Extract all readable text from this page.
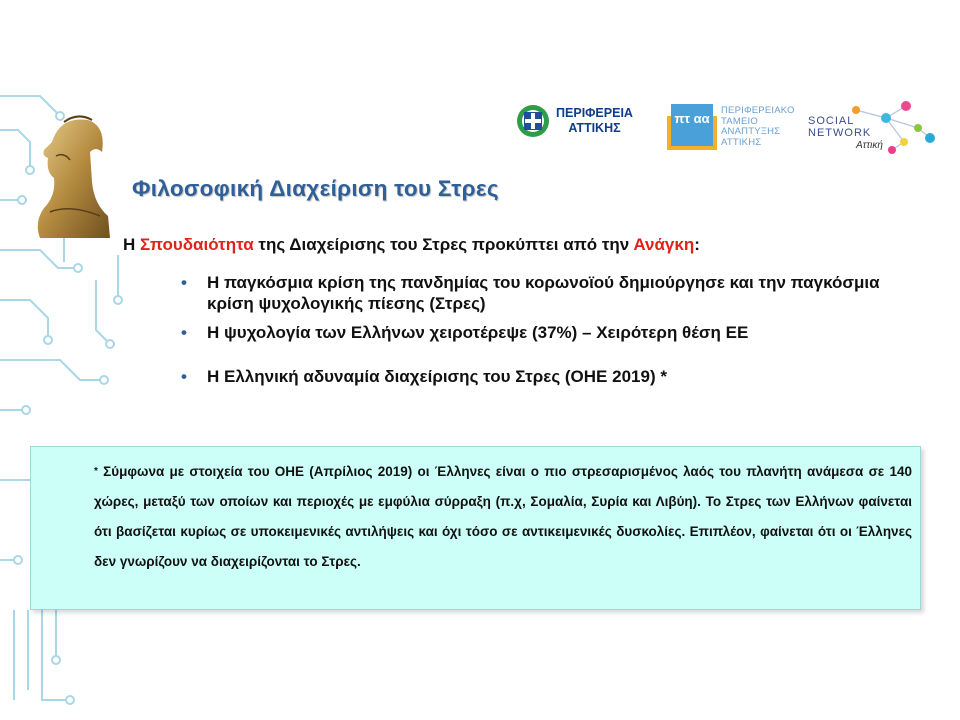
ΠΕΡΙΦΕΡΕΙΑ
ΑΤΤΙΚΗΣ
πτ αα
ΠΕΡΙΦΕΡΕΙΑΚΟ
ΤΑΜΕΙΟ
ΑΝΑΠΤΥΞΗΣ
ΑΤΤΙΚΗΣ
SOCIAL
NETWORK
Αττική
Φιλοσοφική Διαχείριση του Στρες
Η Σπουδαιότητα της Διαχείρισης του Στρες προκύπτει από την Ανάγκη:
• Η παγκόσμια κρίση της πανδημίας του κορωνοϊού δημιούργησε και την παγκόσμια κρίση ψυχολογικής πίεσης (Στρες)
• Η ψυχολογία των Ελλήνων χειροτέρεψε (37%) – Χειρότερη θέση ΕΕ
• Η Ελληνική αδυναμία διαχείρισης του Στρες (ΟΗΕ 2019) *

* Σύμφωνα με στοιχεία του ΟΗΕ (Απρίλιος 2019) οι Έλληνες είναι ο πιο στρεσαρισμένος λαός του πλανήτη ανάμεσα σε 140 χώρες, μεταξύ των οποίων και περιοχές με εμφύλια σύρραξη (π.χ, Σομαλία, Συρία και Λιβύη). Το Στρες των Ελλήνων φαίνεται ότι βασίζεται κυρίως σε υποκειμενικές αντιλήψεις και όχι τόσο σε αντικειμενικές δυσκολίες. Επιπλέον, φαίνεται ότι οι Έλληνες δεν γνωρίζουν να διαχειρίζονται το Στρες.
